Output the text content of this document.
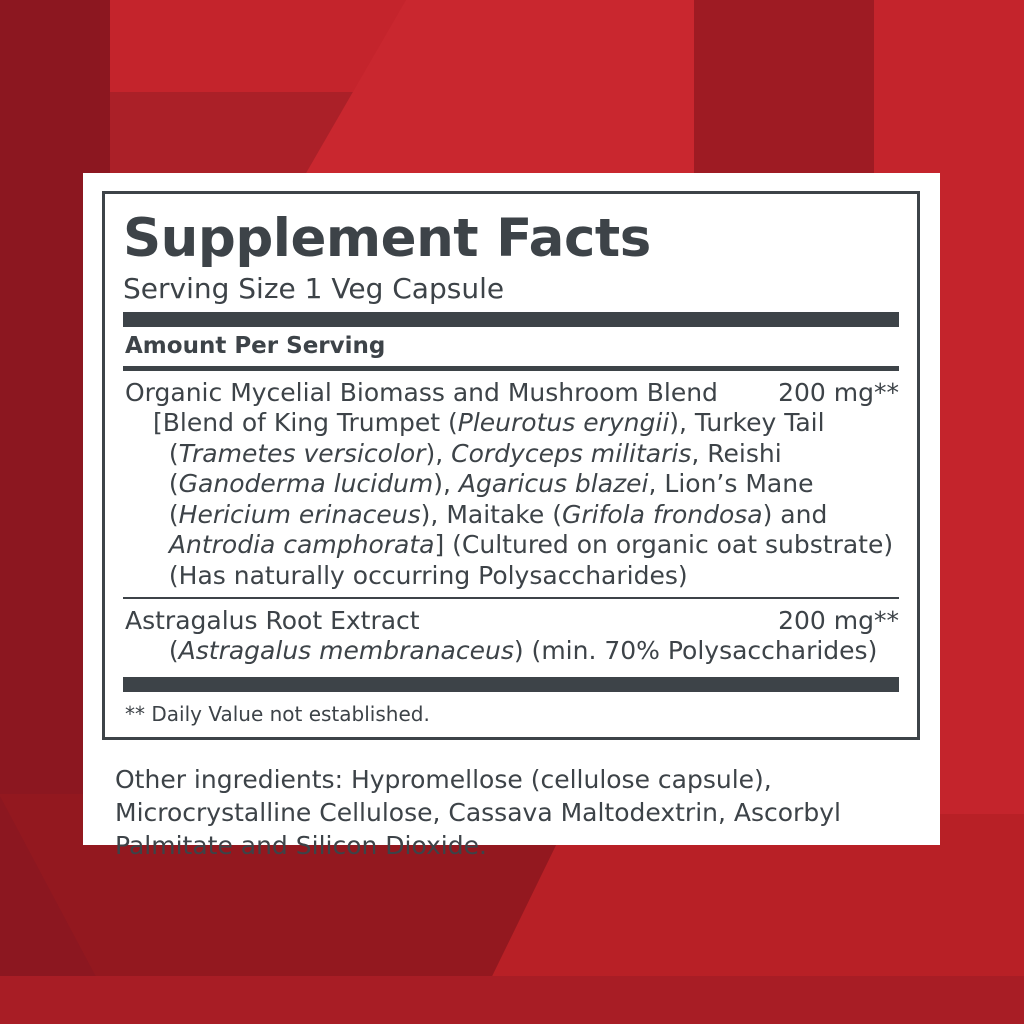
Supplement Facts
Serving Size 1 Veg Capsule
Amount Per Serving
Organic Mycelial Biomass and Mushroom Blend 200 mg**
[Blend of King Trumpet (Pleurotus eryngii), Turkey Tail
(Trametes versicolor), Cordyceps militaris, Reishi
(Ganoderma lucidum), Agaricus blazei, Lion’s Mane
(Hericium erinaceus), Maitake (Grifola frondosa) and
Antrodia camphorata] (Cultured on organic oat substrate)
(Has naturally occurring Polysaccharides)
Astragalus Root Extract	200 mg**
(Astragalus membranaceus) (min. 70% Polysaccharides)
** Daily Value not established.
Other ingredients: Hypromellose (cellulose capsule), Microcrystalline Cellulose, Cassava Maltodextrin, Ascorbyl Palmitate and Silicon Dioxide.
